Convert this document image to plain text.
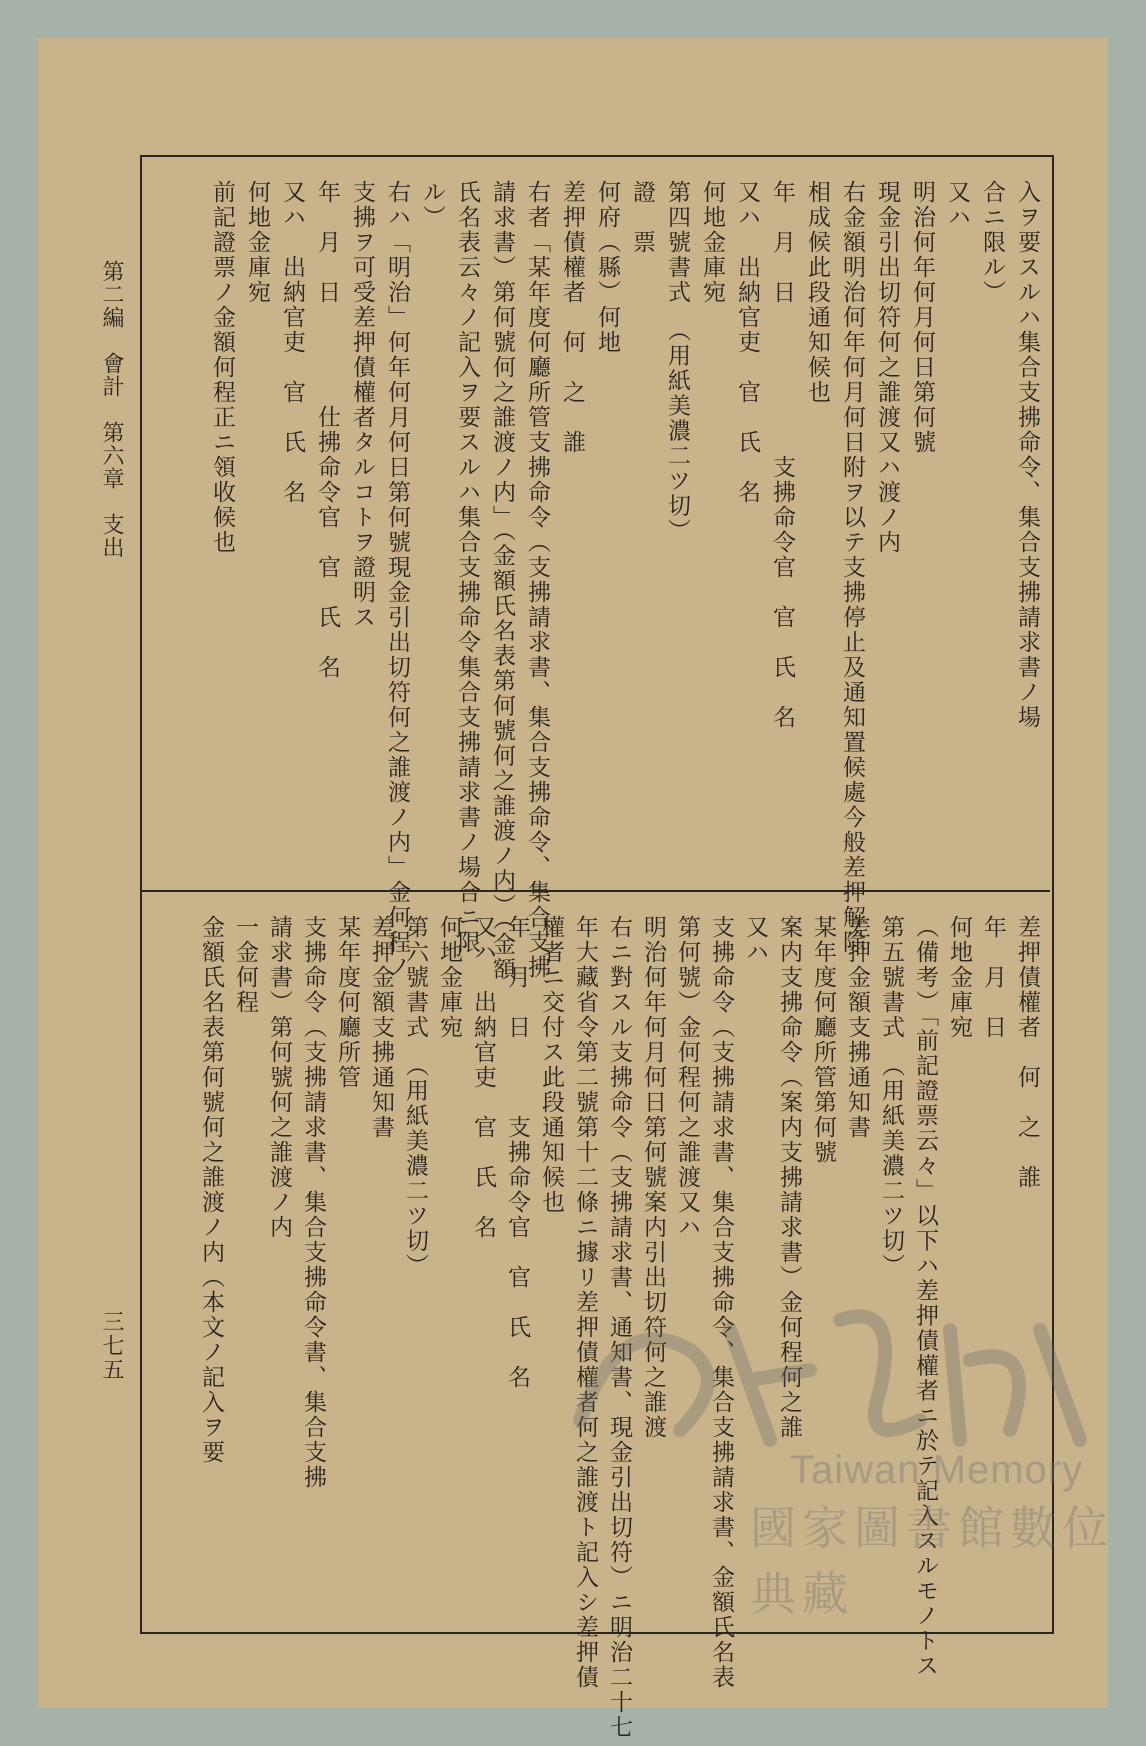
第二編　會計　第六章　支出
三七五
入ヲ要スルハ集合支拂命令、集合支拂請求書ノ場
合ニ限ル）
又ハ
明治何年何月何日第何號
現金引出切符何之誰渡又ハ渡ノ内
右金額明治何年何月何日附ヲ以テ支拂停止及通知置候處今般差押解除
相成候此段通知候也
年　月　日　　　　　　支拂命令官　官　氏　名
又ハ　出納官吏　官　氏　名
何地金庫宛
第四號書式　（用紙美濃二ツ切）
證　票
何府（縣）何地
差押債權者　何　之　誰
右者「某年度何廳所管支拂命令（支拂請求書、集合支拂命令、集合支拂
請求書）第何號何之誰渡ノ内」（金額氏名表第何號何之誰渡ノ内）（金額
氏名表云々ノ記入ヲ要スルハ集合支拂命令集合支拂請求書ノ場合ニ限
ル）
右ハ「明治」何年何月何日第何號現金引出切符何之誰渡ノ内」金何程ノ
支拂ヲ可受差押債權者タルコトヲ證明ス
年　月　日　　　　仕拂命令官　官　氏　名
又ハ　出納官吏　官　氏　名
何地金庫宛
前記證票ノ金額何程正ニ領收候也
差押債權者　何　之　誰
年　月　日
何地金庫宛
（備考）「前記證票云々」以下ハ差押債權者ニ於テ記入スルモノトス
第五號書式　（用紙美濃二ツ切）
差押金額支拂通知書
某年度何廳所管第何號
案内支拂命令（案内支拂請求書）金何程何之誰
又ハ
支拂命令（支拂請求書、集合支拂命令、集合支拂請求書、金額氏名表
第何號）金何程何之誰渡又ハ
明治何年何月何日第何號案内引出切符何之誰渡
右ニ對スル支拂命令（支拂請求書、通知書、現金引出切符）ニ明治二十七
年大藏省令第二號第十二條ニ據リ差押債權者何之誰渡ト記入シ差押債
權者ニ交付ス此段通知候也
年　月　日　　　支拂命令官　官　氏　名
又ハ　出納官吏　官　氏　名
何地金庫宛
第六號書式　（用紙美濃二ツ切）
差押金額支拂通知書
某年度何廳所管
支拂命令（支拂請求書、集合支拂命令書、集合支拂
請求書）第何號何之誰渡ノ内
一金何程
金額氏名表第何號何之誰渡ノ内（本文ノ記入ヲ要
Taiwan Memory
國家圖書館數位典藏
